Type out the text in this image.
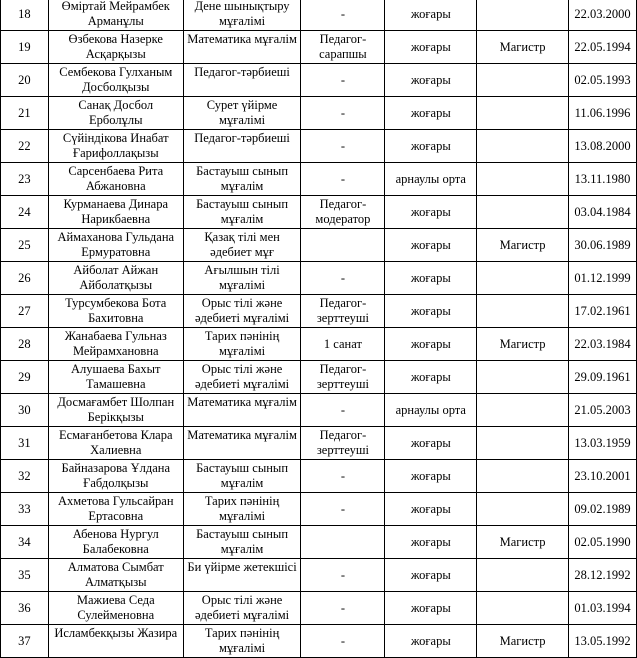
18	Өміртай Мейрамбек Арманұлы	Дене шынықтыру мұғалімі	-	жоғары		22.03.2000
19	Өзбекова Назерке Асқарқызы	Математика мұғалім	Педагог-сарапшы	жоғары	Магистр	22.05.1994
20	Сембекова Гулханым Досболқызы	Педагог-тәрбиеші	-	жоғары		02.05.1993
21	Санақ Досбол Ерболұлы	Сурет үйірме мұғалімі	-	жоғары		11.06.1996
22	Сүйіндікова Инабат Ғарифоллақызы	Педагог-тәрбиеші	-	жоғары		13.08.2000
23	Сарсенбаева Рита Абжановна	Бастауыш сынып мұғалім	-	арнаулы орта		13.11.1980
24	Курманаева Динара Нарикбаевна	Бастауыш сынып мұғалім	Педагог-модератор	жоғары		03.04.1984
25	Аймаханова Гульдана Ермуратовна	Қазақ тілі мен әдебиет мұғ		жоғары	Магистр	30.06.1989
26	Айболат Айжан Айболатқызы	Ағылшын тілі мұғалімі	-	жоғары		01.12.1999
27	Турсумбекова Бота Бахитовна	Орыс тілі және әдебиеті мұғалімі	Педагог-зерттеуші	жоғары		17.02.1961
28	Жанабаева Гульназ Мейрамхановна	Тарих пәнінің мұғалімі	1 санат	жоғары	Магистр	22.03.1984
29	Алушаева Бахыт Тамашевна	Орыс тілі және әдебиеті мұғалімі	Педагог-зерттеуші	жоғары		29.09.1961
30	Досмағамбет Шолпан Берікқызы	Математика мұғалім	-	арнаулы орта		21.05.2003
31	Есмағанбетова Клара Халиевна	Математика мұғалім	Педагог-зерттеуші	жоғары		13.03.1959
32	Байназарова Ұлдана Ғабдолқызы	Бастауыш сынып мұғалім	-	жоғары		23.10.2001
33	Ахметова Гульсайран Ертасовна	Тарих пәнінің мұғалімі	-	жоғары		09.02.1989
34	Абенова Нургул Балабековна	Бастауыш сынып мұғалім		жоғары	Магистр	02.05.1990
35	Алматова Сымбат Алматқызы	Би үйірме жетекшісі	-	жоғары		28.12.1992
36	Мажиева Седа Сулейменовна	Орыс тілі және әдебиеті мұғалімі	-	жоғары		01.03.1994
37	Исламбекқызы Жазира	Тарих пәнінің мұғалімі	-	жоғары	Магистр	13.05.1992
